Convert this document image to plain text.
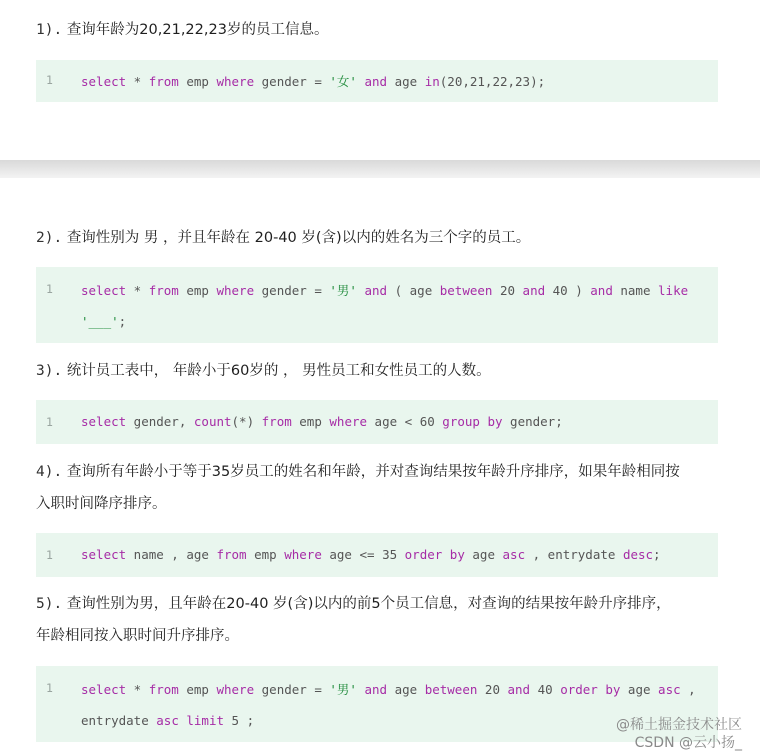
1). 查询年龄为20,21,22,23岁的员工信息。
1 select * from emp where gender = '女' and age in(20,21,22,23);
2). 查询性别为 男 ，并且年龄在 20-40 岁(含)以内的姓名为三个字的员工。
1 select * from emp where gender = '男' and ( age between 20 and 40 ) and name like
'___';
3). 统计员工表中， 年龄小于60岁的 ， 男性员工和女性员工的人数。
1 select gender, count(*) from emp where age < 60 group by gender;
4). 查询所有年龄小于等于35岁员工的姓名和年龄，并对查询结果按年龄升序排序，如果年龄相同按
入职时间降序排序。
1 select name , age from emp where age <= 35 order by age asc , entrydate desc;
5). 查询性别为男，且年龄在20-40 岁(含)以内的前5个员工信息，对查询的结果按年龄升序排序，
年龄相同按入职时间升序排序。
1 select * from emp where gender = '男' and age between 20 and 40 order by age asc ,
entrydate asc limit 5 ;	@稀土掘金技术社区
CSDN @云小扬_
